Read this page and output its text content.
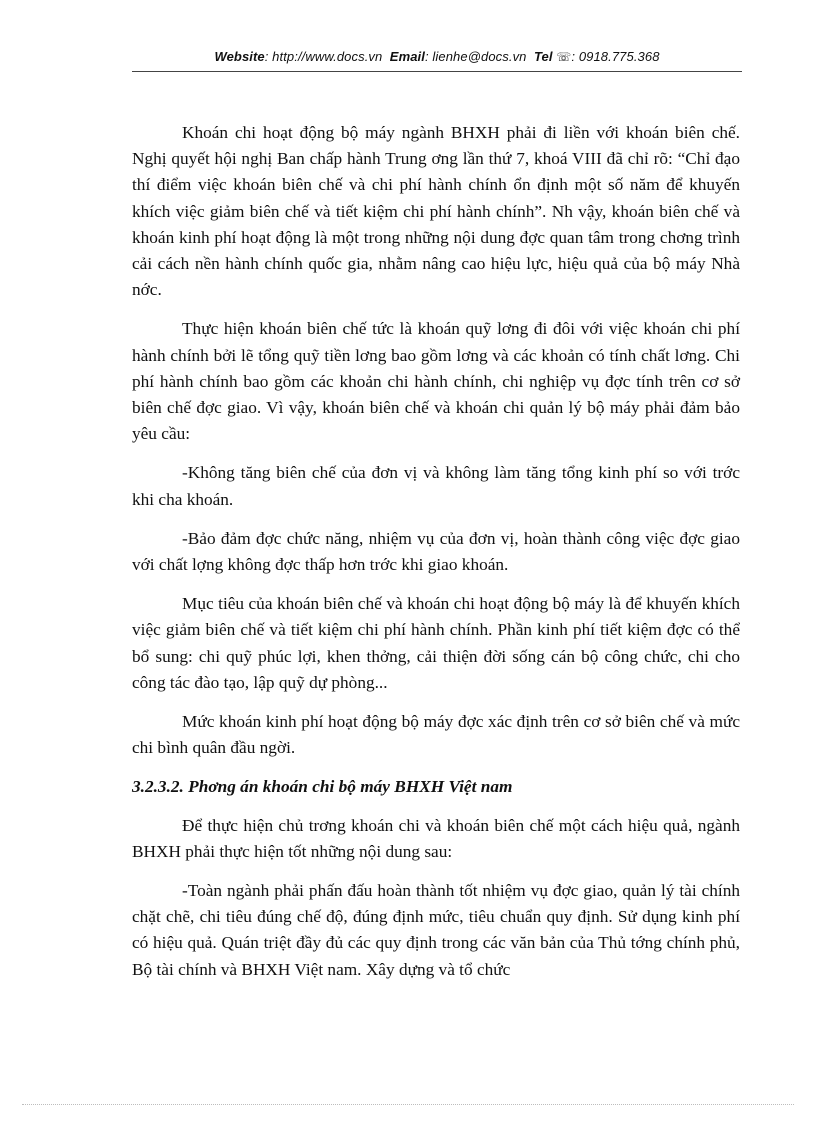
Website: http://www.docs.vn Email: lienhe@docs.vn Tel ☏: 0918.775.368

Khoán chi hoạt động bộ máy ngành BHXH phải đi liền với khoán biên chế. Nghị quyết hội nghị Ban chấp hành Trung ơng lần thứ 7, khoá VIII đã chỉ rõ: “Chỉ đạo thí điểm việc khoán biên chế và chi phí hành chính ổn định một số năm để khuyến khích việc giảm biên chế và tiết kiệm chi phí hành chính”. Nh vậy, khoán biên chế và khoán kinh phí hoạt động là một trong những nội dung đợc quan tâm trong chơng trình cải cách nền hành chính quốc gia, nhằm nâng cao hiệu lực, hiệu quả của bộ máy Nhà nớc.

Thực hiện khoán biên chế tức là khoán quỹ lơng đi đôi với việc khoán chi phí hành chính bởi lẽ tổng quỹ tiền lơng bao gồm lơng và các khoản có tính chất lơng. Chi phí hành chính bao gồm các khoản chi hành chính, chi nghiệp vụ đợc tính trên cơ sở biên chế đợc giao. Vì vậy, khoán biên chế và khoán chi quản lý bộ máy phải đảm bảo yêu cầu:

-Không tăng biên chế của đơn vị và không làm tăng tổng kinh phí so với trớc khi cha khoán.

-Bảo đảm đợc chức năng, nhiệm vụ của đơn vị, hoàn thành công việc đợc giao với chất lợng không đợc thấp hơn trớc khi giao khoán.

Mục tiêu của khoán biên chế và khoán chi hoạt động bộ máy là để khuyến khích việc giảm biên chế và tiết kiệm chi phí hành chính. Phần kinh phí tiết kiệm đợc có thể bổ sung: chi quỹ phúc lợi, khen thởng, cải thiện đời sống cán bộ công chức, chi cho công tác đào tạo, lập quỹ dự phòng...

Mức khoán kinh phí hoạt động bộ máy đợc xác định trên cơ sở biên chế và mức chi bình quân đầu ngời.

3.2.3.2. Phơng án khoán chi bộ máy BHXH Việt nam

Để thực hiện chủ trơng khoán chi và khoán biên chế một cách hiệu quả, ngành BHXH phải thực hiện tốt những nội dung sau:

-Toàn ngành phải phấn đấu hoàn thành tốt nhiệm vụ đợc giao, quản lý tài chính chặt chẽ, chi tiêu đúng chế độ, đúng định mức, tiêu chuẩn quy định. Sử dụng kinh phí có hiệu quả. Quán triệt đầy đủ các quy định trong các văn bản của Thủ tớng chính phủ, Bộ tài chính và BHXH Việt nam. Xây dựng và tổ chức
